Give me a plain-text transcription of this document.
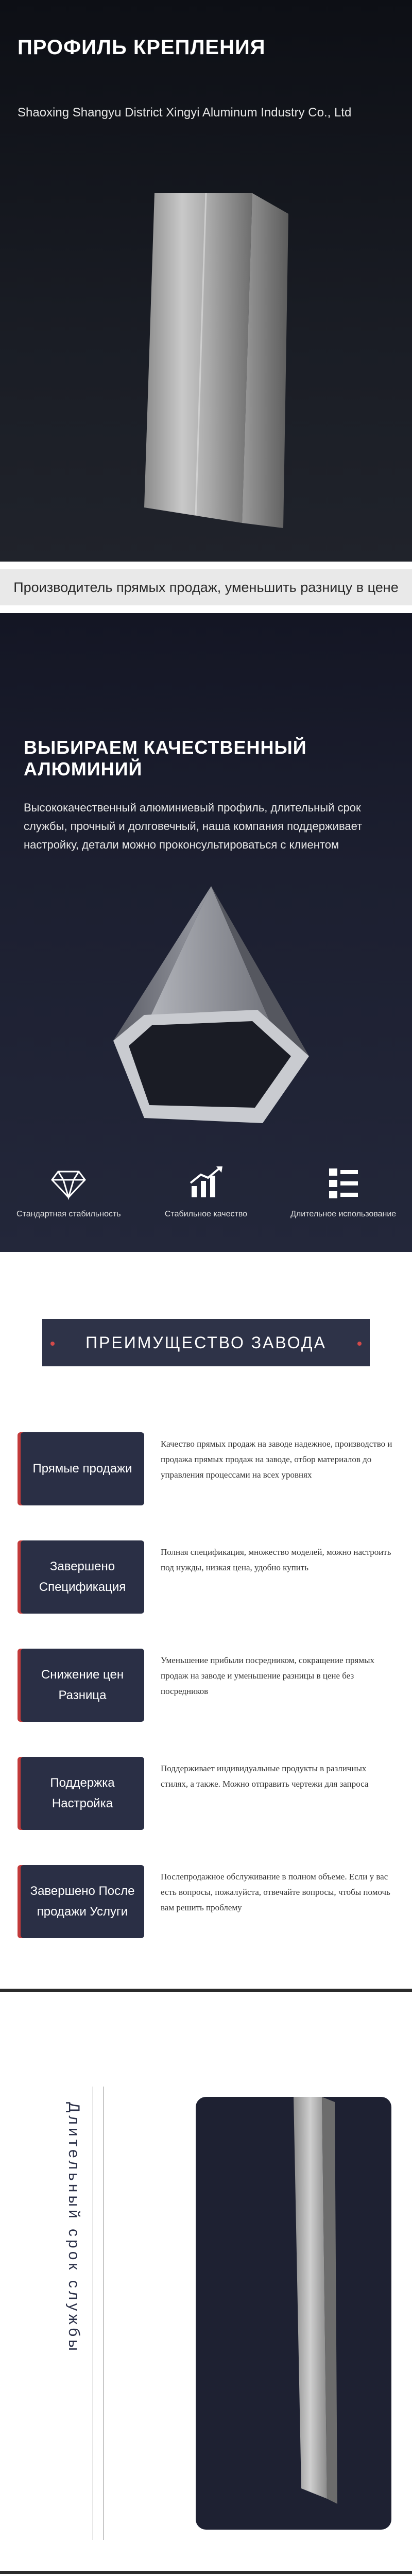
ПРОФИЛЬ КРЕПЛЕНИЯ

Shaoxing Shangyu District Xingyi Aluminum Industry Co., Ltd

Производитель прямых продаж, уменьшить разницу в цене
ВЫБИРАЕМ КАЧЕСТВЕННЫЙ АЛЮМИНИЙ

Высококачественный алюминиевый профиль, длительный срок службы, прочный и долговечный, наша компания поддерживает настройку, детали можно проконсультироваться с клиентом

Стандартная стабильность	Стабильное качество	Длительное использование
ПРЕИМУЩЕСТВО ЗАВОДА
Прямые продажи

Качество прямых продаж на заводе надежное, производство и продажа прямых продаж на заводе, отбор материалов до управления процессами на всех уровнях

Завершено Спецификация

Полная спецификация, множество моделей, можно настроить под нужды, низкая цена, удобно купить

Снижение цен Разница

Уменьшение прибыли посредником, сокращение прямых продаж на заводе и уменьшение разницы в цене без посредников

Поддержка Настройка

Поддерживает индивидуальные продукты в различных стилях, а также. Можно отправить чертежи для запроса

Завершено После продажи Услуги

Послепродажное обслуживание в полном объеме. Если у вас есть вопросы, пожалуйста, отвечайте вопросы, чтобы помочь вам решить проблему

Длительный срок службы
